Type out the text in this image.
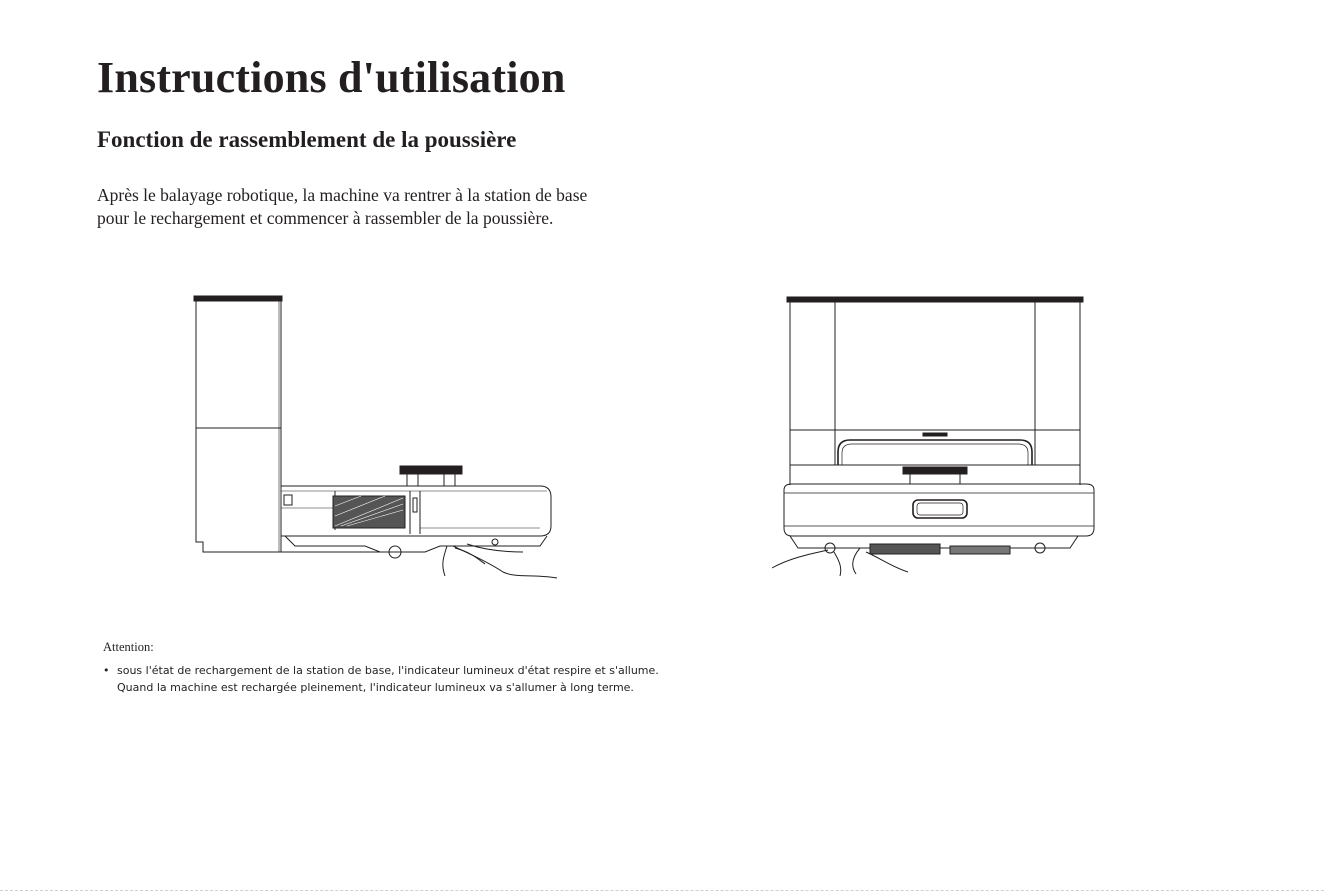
Instructions d'utilisation
Fonction de rassemblement de la poussière

Après le balayage robotique, la machine va rentrer à la station de base
pour le rechargement et commencer à rassembler de la poussière.

Attention:

• sous l'état de rechargement de la station de base, l'indicateur lumineux d'état respire et s'allume.
Quand la machine est rechargée pleinement, l'indicateur lumineux va s'allumer à long terme.
